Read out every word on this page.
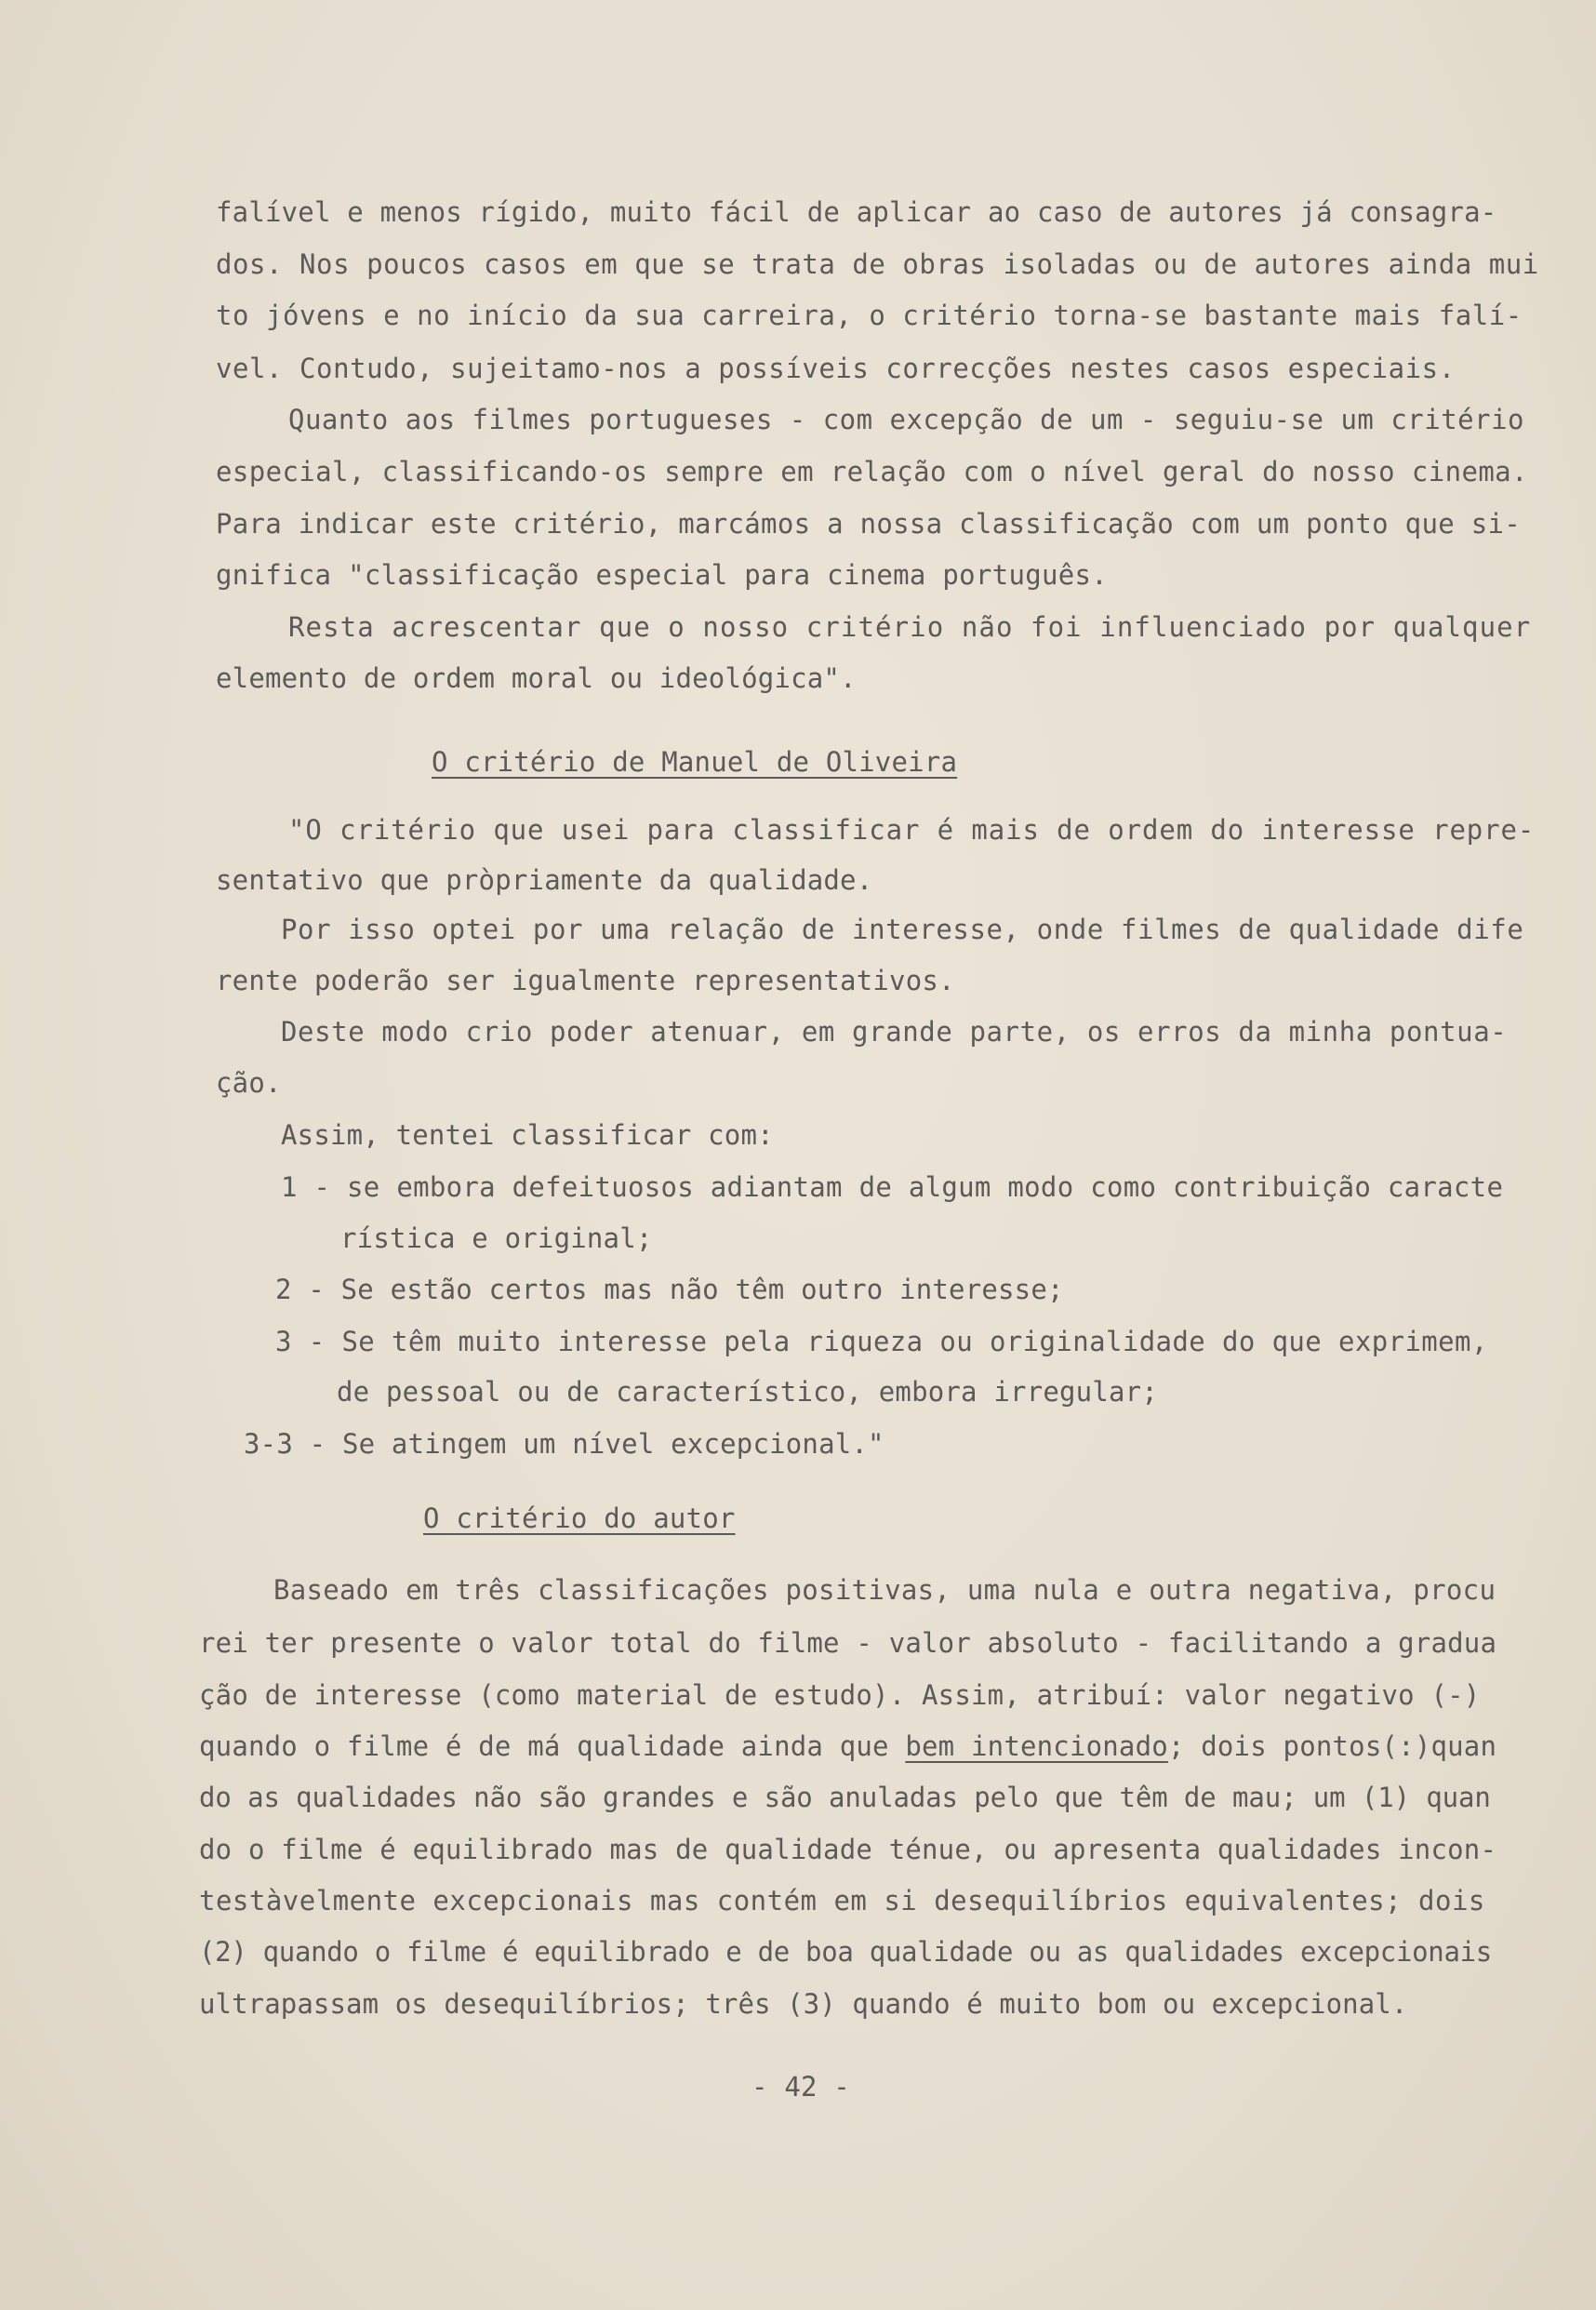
falível e menos rígido, muito fácil de aplicar ao caso de autores já consagra-
dos. Nos poucos casos em que se trata de obras isoladas ou de autores ainda mui
to jóvens e no início da sua carreira, o critério torna-se bastante mais falí-
vel. Contudo, sujeitamo-nos a possíveis correcções nestes casos especiais.
Quanto aos filmes portugueses - com excepção de um - seguiu-se um critério
especial, classificando-os sempre em relação com o nível geral do nosso cinema.
Para indicar este critério, marcámos a nossa classificação com um ponto que si-
gnifica "classificação especial para cinema português.
Resta acrescentar que o nosso critério não foi influenciado por qualquer
elemento de ordem moral ou ideológica".
O critério de Manuel de Oliveira
"O critério que usei para classificar é mais de ordem do interesse repre-
sentativo que pròpriamente da qualidade.
Por isso optei por uma relação de interesse, onde filmes de qualidade dife
rente poderão ser igualmente representativos.
Deste modo crio poder atenuar, em grande parte, os erros da minha pontua-
ção.
Assim, tentei classificar com:
1 - se embora defeituosos adiantam de algum modo como contribuição caracte
rística e original;
2 - Se estão certos mas não têm outro interesse;
3 - Se têm muito interesse pela riqueza ou originalidade do que exprimem,
de pessoal ou de característico, embora irregular;
3-3 - Se atingem um nível excepcional."
O critério do autor
Baseado em três classificações positivas, uma nula e outra negativa, procu
rei ter presente o valor total do filme - valor absoluto - facilitando a gradua
ção de interesse (como material de estudo). Assim, atribuí: valor negativo (-)
quando o filme é de má qualidade ainda que bem intencionado; dois pontos(:)quan
do as qualidades não são grandes e são anuladas pelo que têm de mau; um (1) quan
do o filme é equilibrado mas de qualidade ténue, ou apresenta qualidades incon-
testàvelmente excepcionais mas contém em si desequilíbrios equivalentes; dois
(2) quando o filme é equilibrado e de boa qualidade ou as qualidades excepcionais
ultrapassam os desequilíbrios; três (3) quando é muito bom ou excepcional.
- 42 -
